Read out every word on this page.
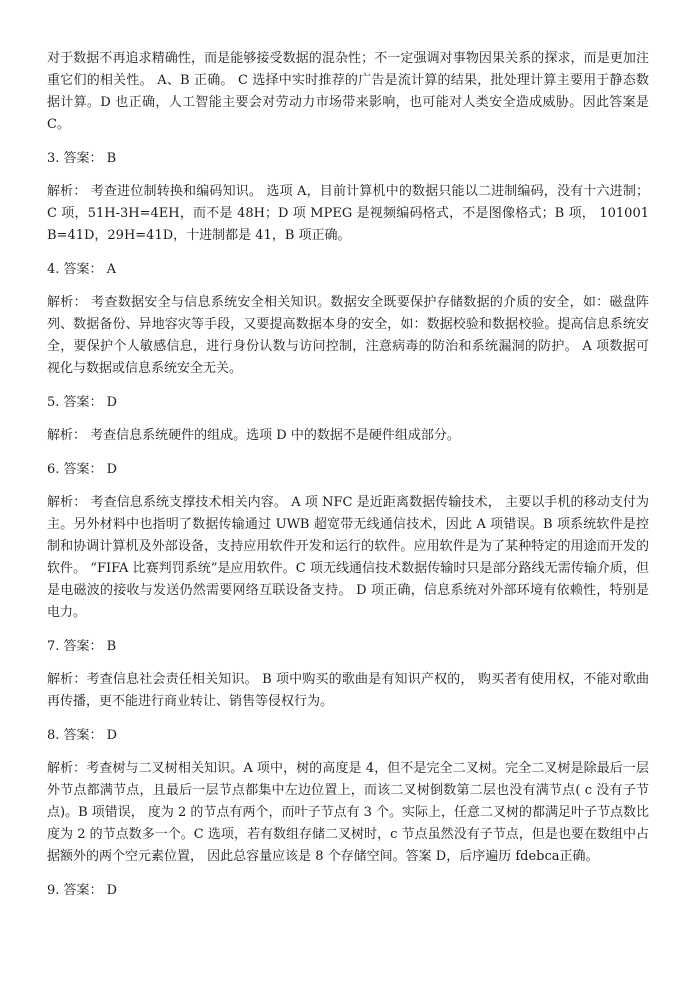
对于数据不再追求精确性，而是能够接受数据的混杂性；不一定强调对事物因果关系的探求，而是更加注重它们的相关性。 A、B 正确。 C 选择中实时推荐的广告是流计算的结果，批处理计算主要用于静态数据计算。D 也正确，人工智能主要会对劳动力市场带来影响，也可能对人类安全造成威胁。因此答案是 C。

3. 答案： B

解析： 考查进位制转换和编码知识。 选项 A，目前计算机中的数据只能以二进制编码，没有十六进制；C 项，51H-3H=4EH，而不是 48H；D 项 MPEG 是视频编码格式，不是图像格式；B 项， 101001B=41D，29H=41D，十进制都是 41，B 项正确。

4. 答案： A

解析： 考查数据安全与信息系统安全相关知识。数据安全既要保护存储数据的介质的安全，如：磁盘阵列、数据备份、异地容灾等手段，又要提高数据本身的安全，如：数据校验和数据校验。提高信息系统安全，要保护个人敏感信息，进行身份认数与访问控制，注意病毒的防治和系统漏洞的防护。 A 项数据可视化与数据或信息系统安全无关。

5. 答案： D

解析： 考查信息系统硬件的组成。选项 D 中的数据不是硬件组成部分。

6. 答案： D

解析： 考查信息系统支撑技术相关内容。 A 项 NFC 是近距离数据传输技术， 主要以手机的移动支付为主。另外材料中也指明了数据传输通过 UWB 超宽带无线通信技术，因此 A 项错误。B 项系统软件是控制和协调计算机及外部设备，支持应用软件开发和运行的软件。应用软件是为了某种特定的用途而开发的软件。 “FIFA 比赛判罚系统”是应用软件。C 项无线通信技术数据传输时只是部分路线无需传输介质，但是电磁波的接收与发送仍然需要网络互联设备支持。 D 项正确，信息系统对外部环境有依赖性，特别是电力。

7. 答案： B

解析：考查信息社会责任相关知识。 B 项中购买的歌曲是有知识产权的， 购买者有使用权，不能对歌曲再传播，更不能进行商业转让、销售等侵权行为。

8. 答案： D

解析：考查树与二叉树相关知识。A 项中，树的高度是 4，但不是完全二叉树。完全二叉树是除最后一层外节点都满节点，且最后一层节点都集中左边位置上，而该二叉树倒数第二层也没有满节点( c 没有子节点)。B 项错误， 度为 2 的节点有两个，而叶子节点有 3 个。实际上，任意二叉树的都满足叶子节点数比度为 2 的节点数多一个。C 选项，若有数组存储二叉树时，c 节点虽然没有子节点，但是也要在数组中占据额外的两个空元素位置， 因此总容量应该是 8 个存储空间。答案 D，后序遍历 fdebca正确。

9. 答案： D
